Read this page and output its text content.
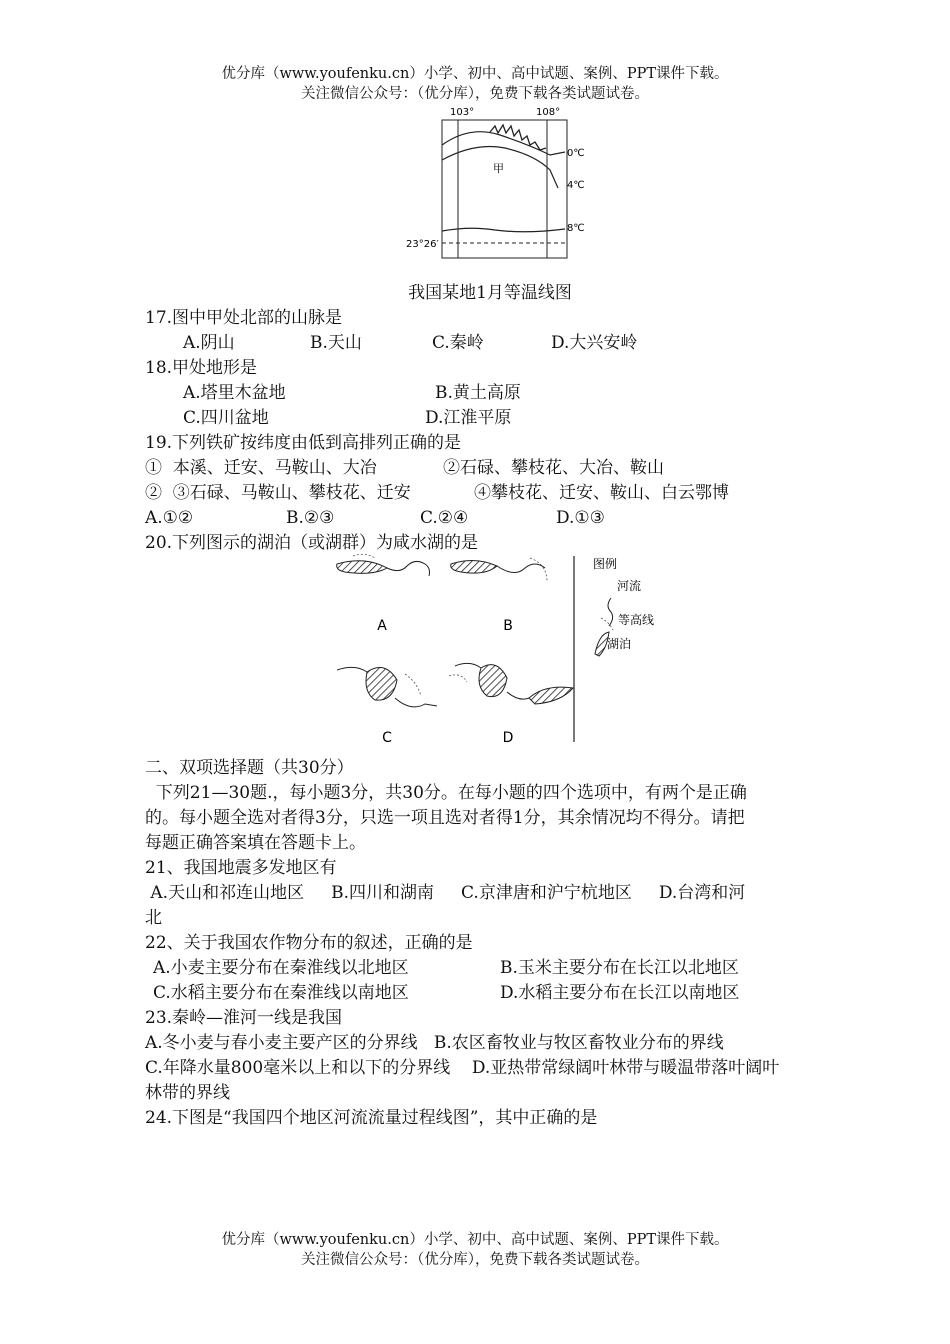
优分库（www.youfenku.cn）小学、初中、高中试题、案例、PPT课件下载。
关注微信公众号：（优分库），免费下载各类试题试卷。
103°	108°
0℃
4℃
甲
8℃
23°26′
我国某地1月等温线图
17.图中甲处北部的山脉是
A.阴山	B.天山	C.秦岭	D.大兴安岭
18.甲处地形是
A.塔里木盆地	B.黄土高原
C.四川盆地	D.江淮平原
19.下列铁矿按纬度由低到高排列正确的是
①  本溪、迁安、马鞍山、大冶	②石碌、攀枝花、大冶、鞍山
②  ③石碌、马鞍山、攀枝花、迁安	④攀枝花、迁安、鞍山、白云鄂博
A.①②	B.②③	C.②④	D.①③
20.下列图示的湖泊（或湖群）为咸水湖的是
A	B
C	D
图例
河流
等高线
湖泊
二、双项选择题（共30分）
下列21—30题.，每小题3分，共30分。在每小题的四个选项中，有两个是正确
的。每小题全选对者得3分，只选一项且选对者得1分，其余情况均不得分。请把
每题正确答案填在答题卡上。
21、我国地震多发地区有
A.天山和祁连山地区     B.四川和湖南     C.京津唐和沪宁杭地区     D.台湾和河
北
22、关于我国农作物分布的叙述，正确的是
A.小麦主要分布在秦淮线以北地区	B.玉米主要分布在长江以北地区
C.水稻主要分布在秦淮线以南地区	D.水稻主要分布在长江以南地区
23.秦岭—淮河一线是我国
A.冬小麦与春小麦主要产区的分界线   B.农区畜牧业与牧区畜牧业分布的界线
C.年降水量800毫米以上和以下的分界线    D.亚热带常绿阔叶林带与暖温带落叶阔叶
林带的界线
24.下图是“我国四个地区河流流量过程线图”，其中正确的是
优分库（www.youfenku.cn）小学、初中、高中试题、案例、PPT课件下载。
关注微信公众号：（优分库），免费下载各类试题试卷。
